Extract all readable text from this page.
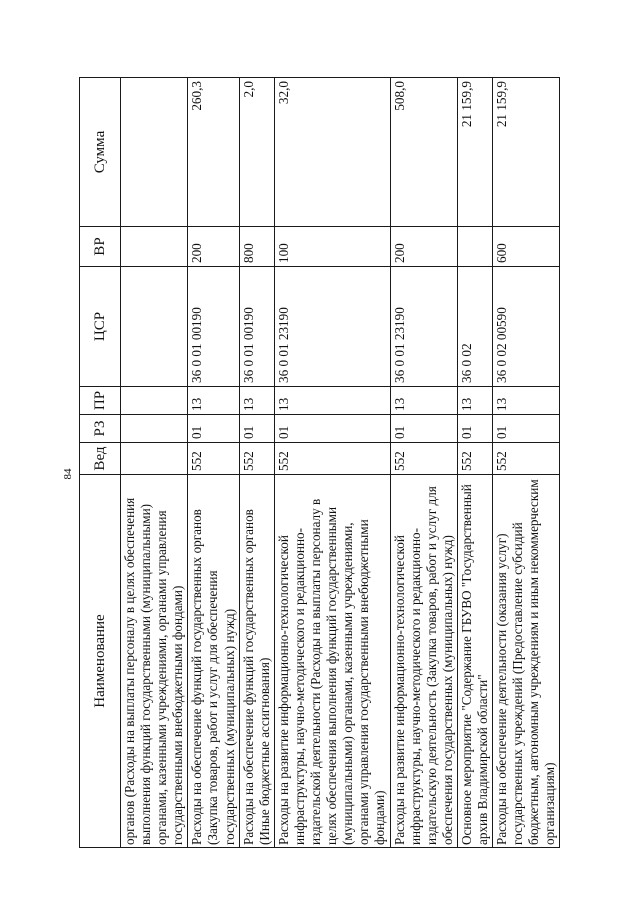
84
Наименование	Вед	РЗ	ПР	ЦСР	ВР	Сумма
органов (Расходы на выплаты персоналу в целях обеспечения выполнения функций государственными (муниципальными) органами, казенными учреждениями, органами управления государственными внебюджетными фондами)						
Расходы на обеспечение функций государственных органов (Закупка товаров, работ и услуг для обеспечения государственных (муниципальных) нужд)	552	01	13	36 0 01 00190	200	260,3
Расходы на обеспечение функций государственных органов (Иные бюджетные ассигнования)	552	01	13	36 0 01 00190	800	2,0
Расходы на развитие информационно-технологической инфраструктуры, научно-методического и редакционно-издательской деятельности (Расходы на выплаты персоналу в целях обеспечения выполнения функций государственными (муниципальными) органами, казенными учреждениями, органами управления государственными внебюджетными фондами)	552	01	13	36 0 01 23190	100	32,0
Расходы на развитие информационно-технологической инфраструктуры, научно-методического и редакционно-издательскую деятельность (Закупка товаров, работ и услуг для обеспечения государственных (муниципальных) нужд)	552	01	13	36 0 01 23190	200	508,0
Основное мероприятие "Содержание ГБУВО "Государственный архив Владимирской области"	552	01	13	36 0 02		21 159,9
Расходы на обеспечение деятельности (оказания услуг) государственных учреждений (Предоставление субсидий бюджетным, автономным учреждениям и иным некоммерческим организациям)	552	01	13	36 0 02 00590	600	21 159,9
